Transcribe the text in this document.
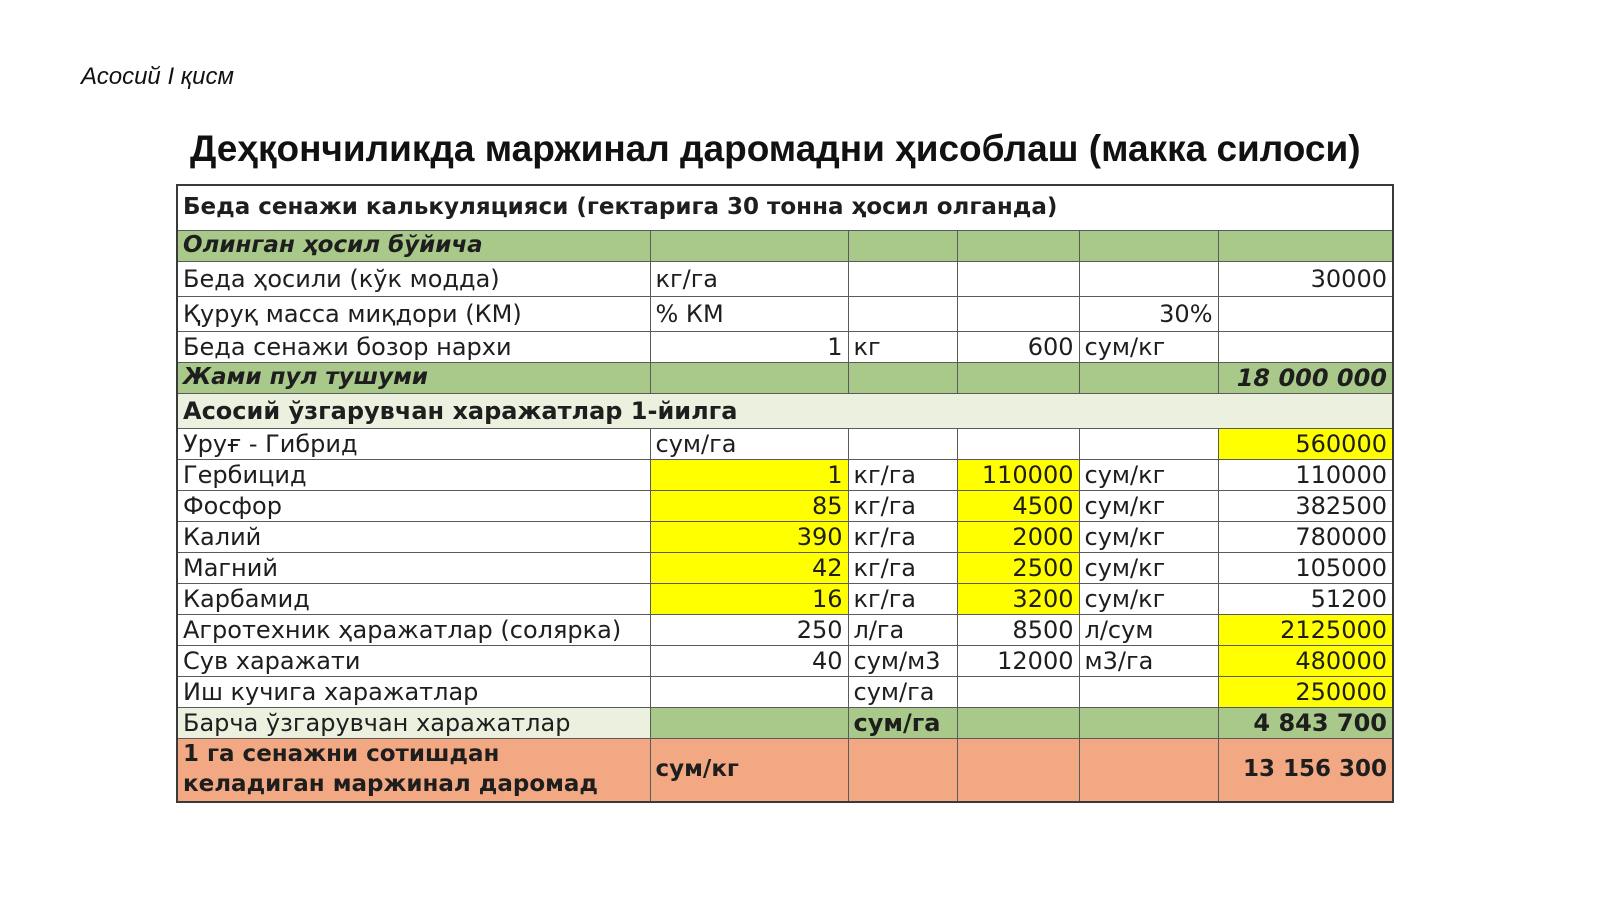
Асосий I қисм
Деҳқончиликда маржинал даромадни ҳисоблаш (макка силоси)
Беда сенажи калькуляцияси (гектарига 30 тонна ҳосил олганда)					
Олинган ҳосил бўйича					
Беда ҳосили (кўк модда)	кг/га				30000
Қуруқ масса миқдори (КМ)	% КМ			30%	
Беда сенажи бозор нархи	1	кг	600	сум/кг	
Жами пул тушуми					18 000 000
Асосий ўзгарувчан харажатлар 1-йилга					
Уруғ - Гибрид	сум/га				560000
Гербицид	1	кг/га	110000	сум/кг	110000
Фосфор	85	кг/га	4500	сум/кг	382500
Калий	390	кг/га	2000	сум/кг	780000
Магний	42	кг/га	2500	сум/кг	105000
Карбамид	16	кг/га	3200	сум/кг	51200
Агротехник ҳаражатлар (солярка)	250	л/га	8500	л/сум	2125000
Сув харажати	40	сум/м3	12000	м3/га	480000
Иш кучига харажатлар		сум/га			250000
Барча ўзгарувчан харажатлар		сум/га			4 843 700
1 га сенажни сотишдан келадиган маржинал даромад	сум/кг				13 156 300
